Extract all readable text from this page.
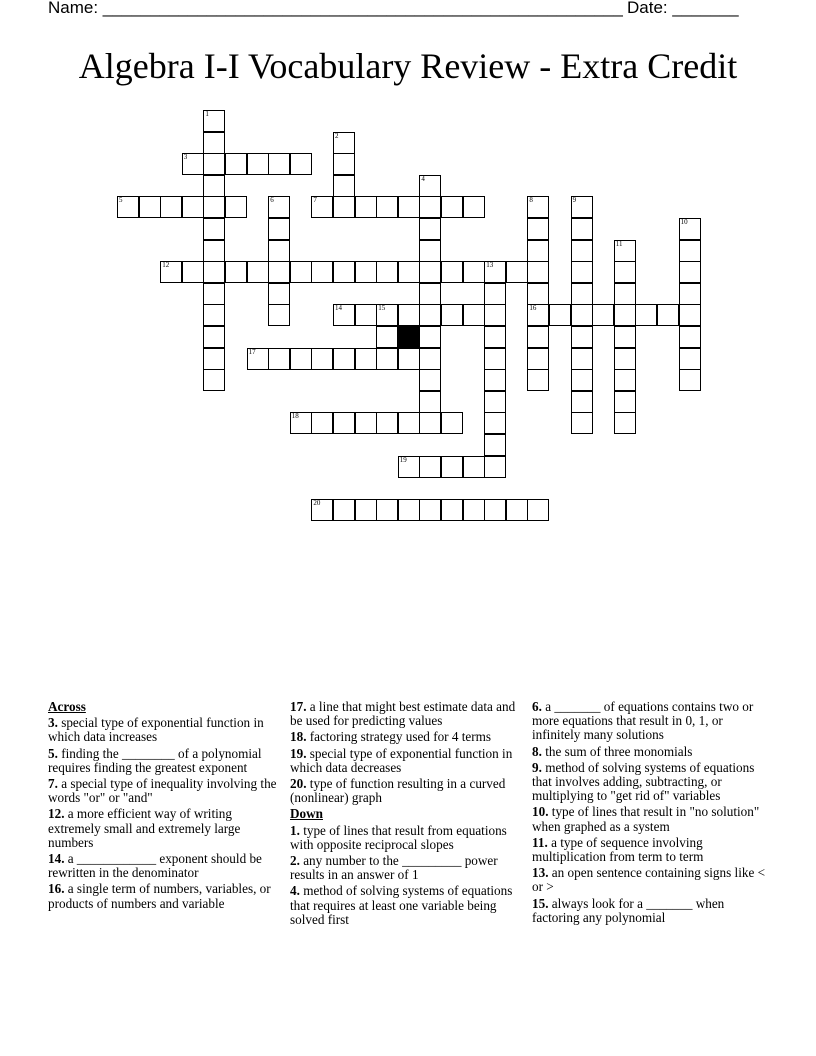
Name: _______________________________________________________ Date: _______
Algebra I-I Vocabulary Review - Extra Credit
3
5	7
12	13
14	15	16
17
18
19
20
1
2
4
6	8	9
10
11
Across
3. special type of exponential function in which data increases
5. finding the ________ of a polynomial requires finding the greatest exponent
7. a special type of inequality involving the words "or" or "and"
12. a more efficient way of writing extremely small and extremely large numbers
14. a ____________ exponent should be rewritten in the denominator
16. a single term of numbers, variables, or products of numbers and variable
17. a line that might best estimate data and be used for predicting values
18. factoring strategy used for 4 terms
19. special type of exponential function in which data decreases
20. type of function resulting in a curved (nonlinear) graph
Down
1. type of lines that result from equations with opposite reciprocal slopes
2. any number to the _________ power results in an answer of 1
4. method of solving systems of equations that requires at least one variable being solved first
6. a _______ of equations contains two or more equations that result in 0, 1, or infinitely many solutions
8. the sum of three monomials
9. method of solving systems of equations that involves adding, subtracting, or multiplying to "get rid of" variables
10. type of lines that result in "no solution" when graphed as a system
11. a type of sequence involving multiplication from term to term
13. an open sentence containing signs like < or >
15. always look for a _______ when factoring any polynomial
